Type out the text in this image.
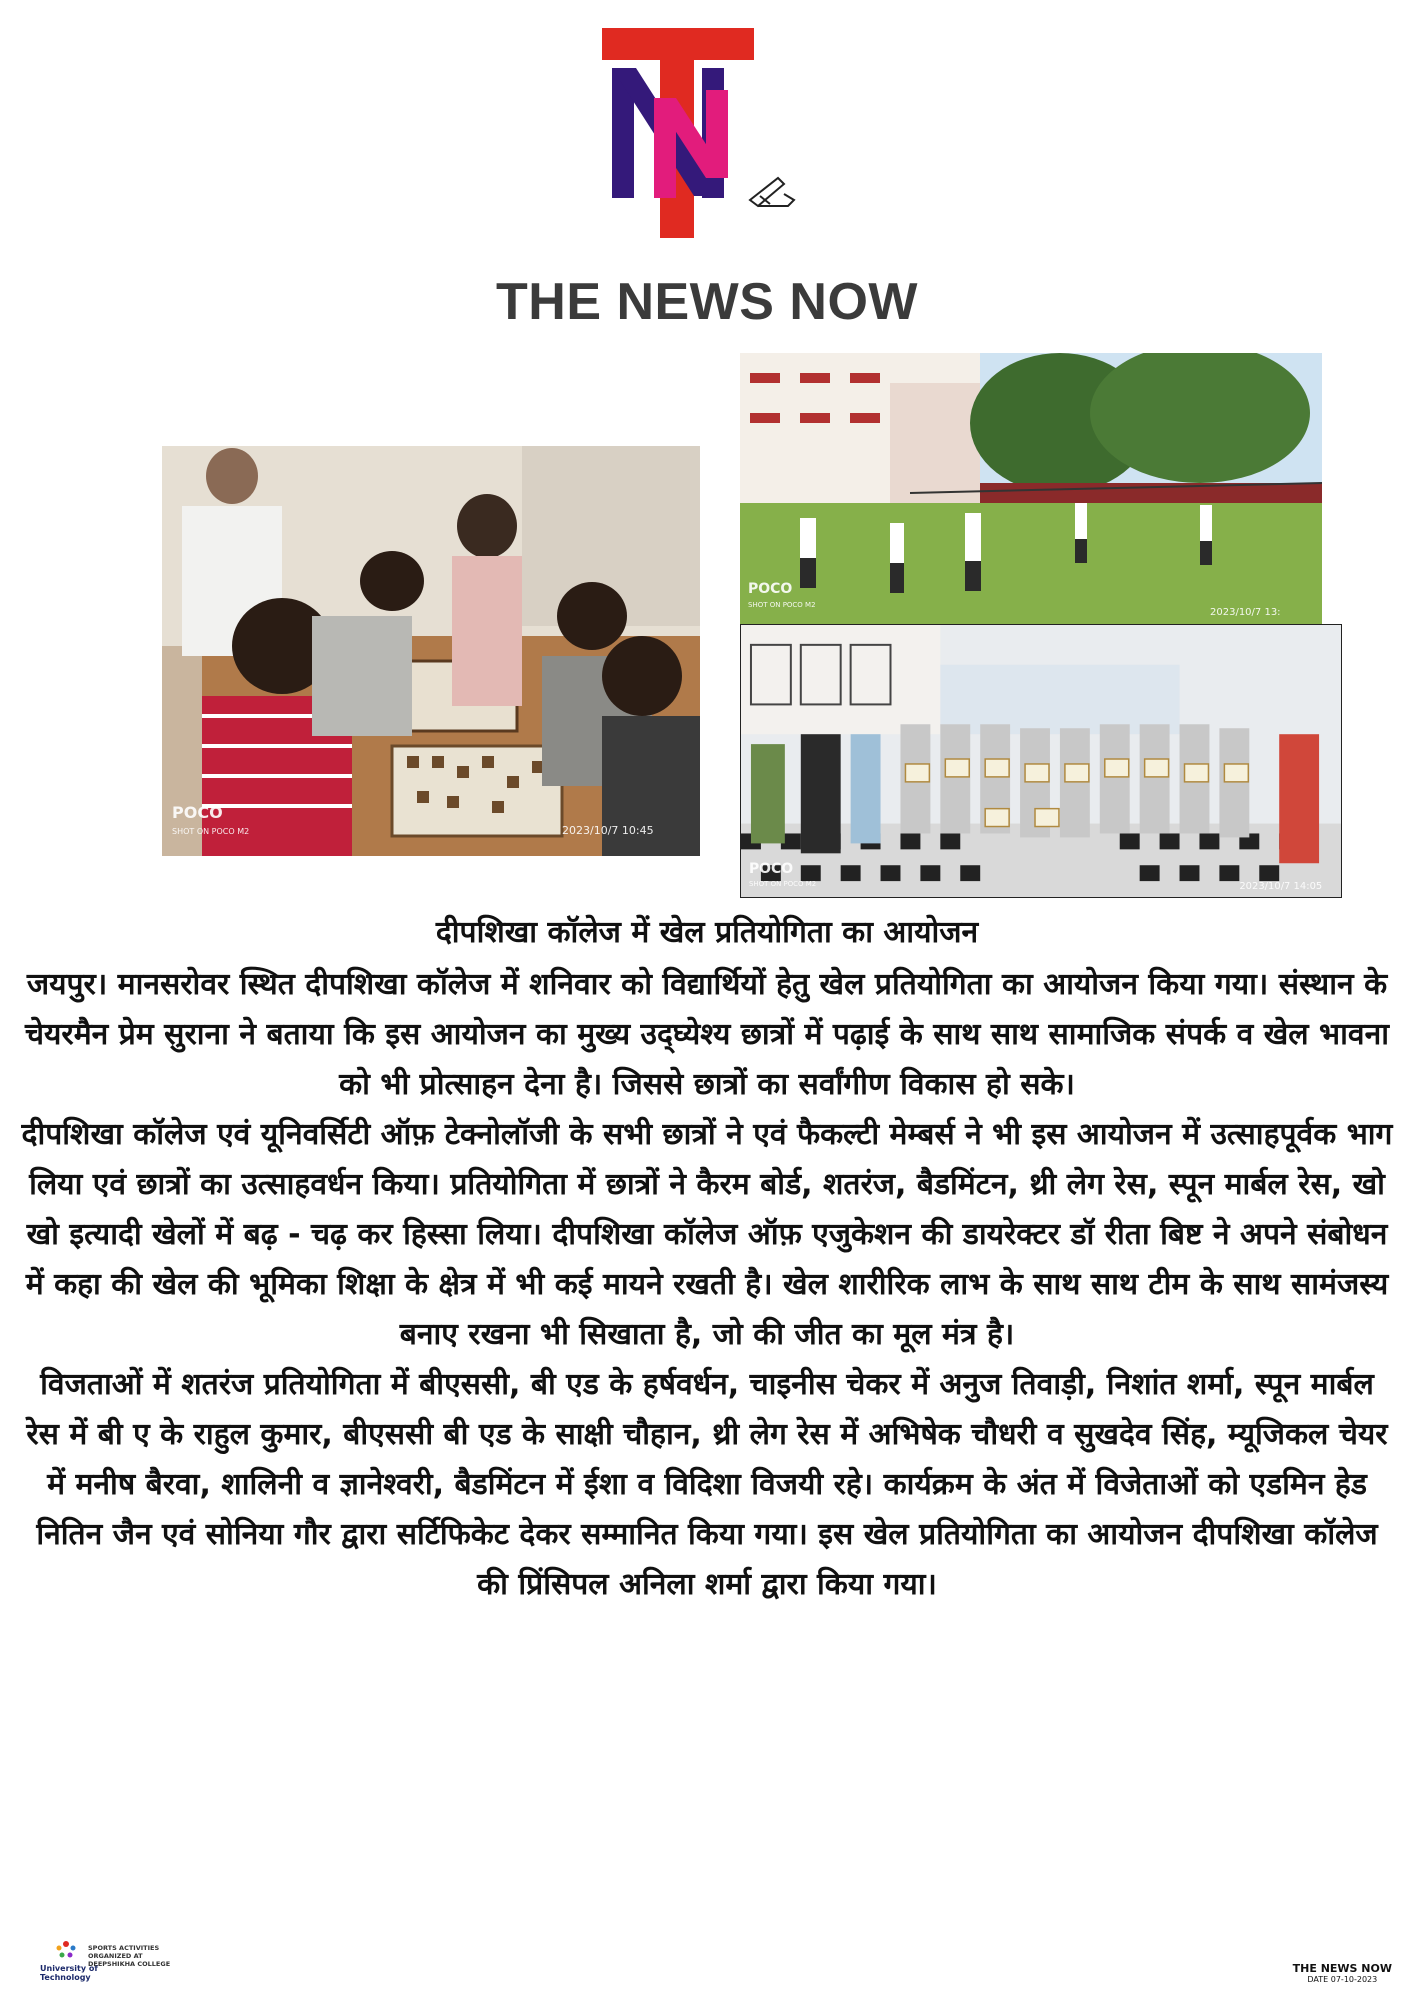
THE NEWS NOW
POCO
SHOT ON POCO M2	2023/10/7 10:45
POCO
SHOT ON POCO M2
2023/10/7 13:
POCO
SHOT ON POCO M2	2023/10/7 14:05

दीपशिखा कॉलेज में खेल प्रतियोगिता का आयोजन

जयपुर। मानसरोवर स्थित दीपशिखा कॉलेज में शनिवार को विद्यार्थियों हेतु खेल प्रतियोगिता का आयोजन किया गया। संस्थान के चेयरमैन प्रेम सुराना ने बताया कि इस आयोजन का मुख्य उद्घ्येश्य छात्रों में पढ़ाई के साथ साथ सामाजिक संपर्क व खेल भावना को भी प्रोत्साहन देना है। जिससे छात्रों का सर्वांगीण विकास हो सके।

दीपशिखा कॉलेज एवं यूनिवर्सिटी ऑफ़ टेक्नोलॉजी के सभी छात्रों ने एवं फैकल्टी मेम्बर्स ने भी इस आयोजन में उत्साहपूर्वक भाग लिया एवं छात्रों का उत्साहवर्धन किया। प्रतियोगिता में छात्रों ने कैरम बोर्ड, शतरंज, बैडमिंटन, थ्री लेग रेस, स्पून मार्बल रेस, खो खो इत्यादी खेलों में बढ़ - चढ़ कर हिस्सा लिया। दीपशिखा कॉलेज ऑफ़ एजुकेशन की डायरेक्टर डॉ रीता बिष्ट ने अपने संबोधन में कहा की खेल की भूमिका शिक्षा के क्षेत्र में भी कई मायने रखती है। खेल शारीरिक लाभ के साथ साथ टीम के साथ सामंजस्य बनाए रखना भी सिखाता है, जो की जीत का मूल मंत्र है।

विजताओं में शतरंज प्रतियोगिता में बीएससी, बी एड के हर्षवर्धन, चाइनीस चेकर में अनुज तिवाड़ी, निशांत शर्मा, स्पून मार्बल रेस में बी ए के राहुल कुमार, बीएससी बी एड के साक्षी चौहान, थ्री लेग रेस में अभिषेक चौधरी व सुखदेव सिंह, म्यूजिकल चेयर में मनीष बैरवा, शालिनी व ज्ञानेश्वरी, बैडमिंटन में ईशा व विदिशा विजयी रहे। कार्यक्रम के अंत में विजेताओं को एडमिन हेड नितिन जैन एवं सोनिया गौर द्वारा सर्टिफिकेट देकर सम्मानित किया गया। इस खेल प्रतियोगिता का आयोजन दीपशिखा कॉलेज की प्रिंसिपल अनिला शर्मा द्वारा किया गया।

University of
Technology
SPORTS ACTIVITIES
ORGANIZED AT
DEEPSHIKHA COLLEGE	THE NEWS NOW
DATE 07-10-2023
